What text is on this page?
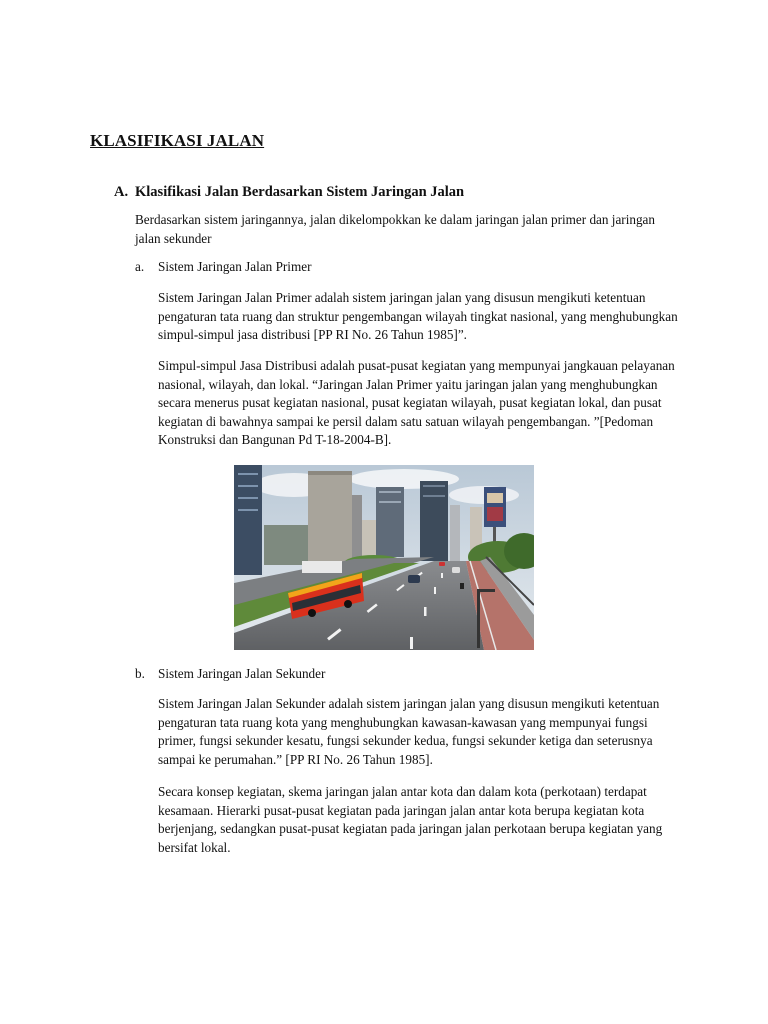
KLASIFIKASI JALAN
A. Klasifikasi Jalan Berdasarkan Sistem Jaringan Jalan

Berdasarkan sistem jaringannya, jalan dikelompokkan ke dalam jaringan jalan primer dan jaringan jalan sekunder

a. Sistem Jaringan Jalan Primer

Sistem Jaringan Jalan Primer adalah sistem jaringan jalan yang disusun mengikuti ketentuan pengaturan tata ruang dan struktur pengembangan wilayah tingkat nasional, yang menghubungkan simpul-simpul jasa distribusi [PP RI No. 26 Tahun 1985]”.

Simpul-simpul Jasa Distribusi adalah pusat-pusat kegiatan yang mempunyai jangkauan pelayanan nasional, wilayah, dan lokal. “Jaringan Jalan Primer yaitu jaringan jalan yang menghubungkan secara menerus pusat kegiatan nasional, pusat kegiatan wilayah, pusat kegiatan lokal, dan pusat kegiatan di bawahnya sampai ke persil dalam satu satuan wilayah pengembangan. ”[Pedoman Konstruksi dan Bangunan Pd T-18-2004-B].

b. Sistem Jaringan Jalan Sekunder

Sistem Jaringan Jalan Sekunder adalah sistem jaringan jalan yang disusun mengikuti ketentuan pengaturan tata ruang kota yang menghubungkan kawasan-kawasan yang mempunyai fungsi primer, fungsi sekunder kesatu, fungsi sekunder kedua, fungsi sekunder ketiga dan seterusnya sampai ke perumahan.” [PP RI No. 26 Tahun 1985].

Secara konsep kegiatan, skema jaringan jalan antar kota dan dalam kota (perkotaan) terdapat kesamaan. Hierarki pusat-pusat kegiatan pada jaringan jalan antar kota berupa kegiatan kota berjenjang, sedangkan pusat-pusat kegiatan pada jaringan jalan perkotaan berupa kegiatan yang bersifat lokal.
